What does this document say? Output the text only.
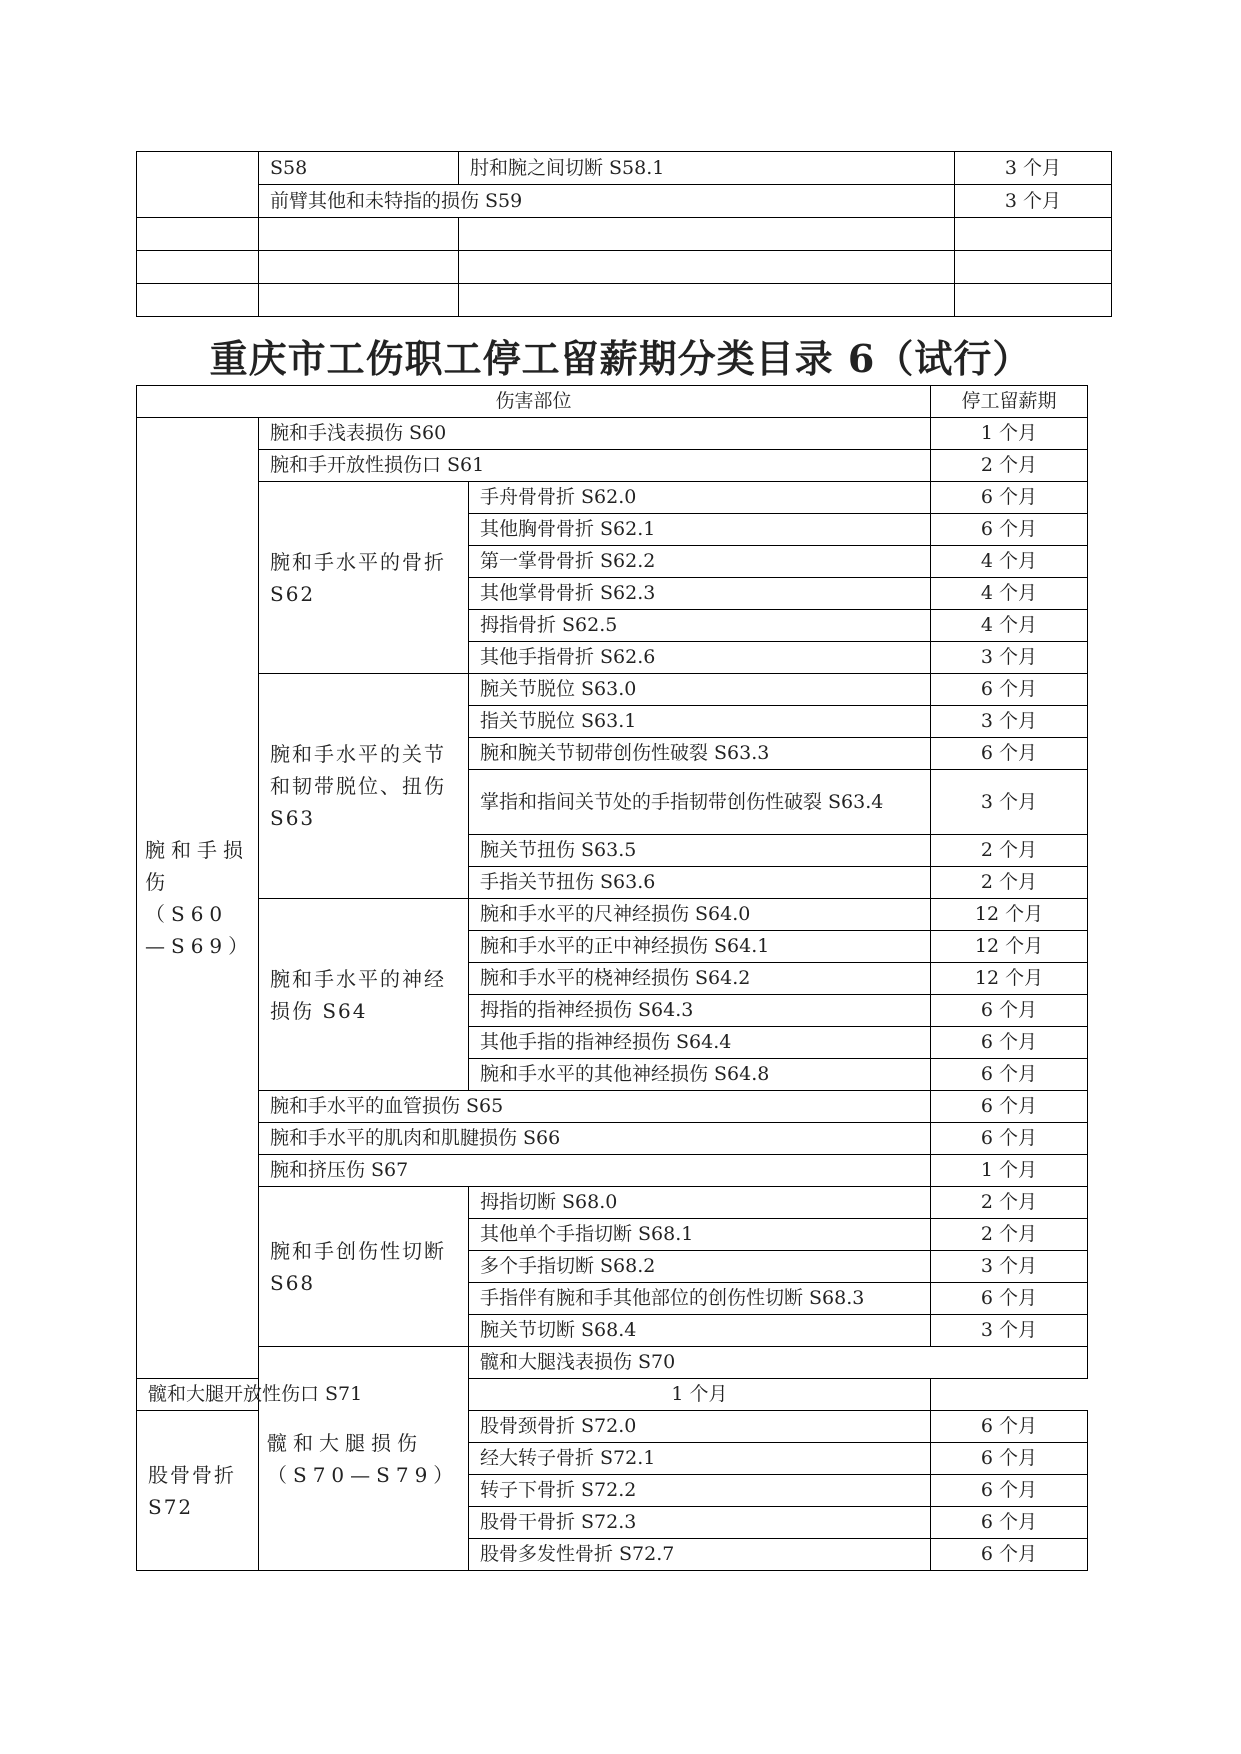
	S58	肘和腕之间切断 S58.1	3 个月
	前臂其他和未特指的损伤 S59		3 个月

重庆市工伤职工停工留薪期分类目录 6（试行）
伤害部位			停工留薪期	
腕和手损伤（S60—S69）	腕和手浅表损伤 S60		1 个月	
	腕和手开放性损伤口 S61		2 个月	
	腕和手水平的骨折 S62	手舟骨骨折 S62.0	6 个月	
		其他胸骨骨折 S62.1	6 个月	
		第一掌骨骨折 S62.2	4 个月	
		其他掌骨骨折 S62.3	4 个月	
		拇指骨折 S62.5	4 个月	
		其他手指骨折 S62.6	3 个月	
	腕和手水平的关节和韧带脱位、扭伤 S63	腕关节脱位 S63.0	6 个月	
		指关节脱位 S63.1	3 个月	
		腕和腕关节韧带创伤性破裂 S63.3	6 个月	
		掌指和指间关节处的手指韧带创伤性破裂 S63.4	3 个月	
		腕关节扭伤 S63.5	2 个月	
		手指关节扭伤 S63.6	2 个月	
	腕和手水平的神经损伤 S64	腕和手水平的尺神经损伤 S64.0	12 个月	
		腕和手水平的正中神经损伤 S64.1	12 个月	
		腕和手水平的桡神经损伤 S64.2	12 个月	
		拇指的指神经损伤 S64.3	6 个月	
		其他手指的指神经损伤 S64.4	6 个月	
		腕和手水平的其他神经损伤 S64.8	6 个月	
	腕和手水平的血管损伤 S65		6 个月	
	腕和手水平的肌肉和肌腱损伤 S66		6 个月	
	腕和挤压伤 S67		1 个月	
	腕和手创伤性切断 S68	拇指切断 S68.0	2 个月	
		其他单个手指切断 S68.1	2 个月	
		多个手指切断 S68.2	3 个月	
		手指伴有腕和手其他部位的创伤性切断 S68.3	6 个月	
		腕关节切断 S68.4	3 个月	
	髋和大腿损伤（S70—S79）	髋和大腿浅表损伤 S70	
髋和大腿开放性伤口 S71		1 个月		
股骨骨折 S72		股骨颈骨折 S72.0	6 个月	
		经大转子骨折 S72.1	6 个月	
		转子下骨折 S72.2	6 个月	
		股骨干骨折 S72.3	6 个月	
		股骨多发性骨折 S72.7	6 个月	
